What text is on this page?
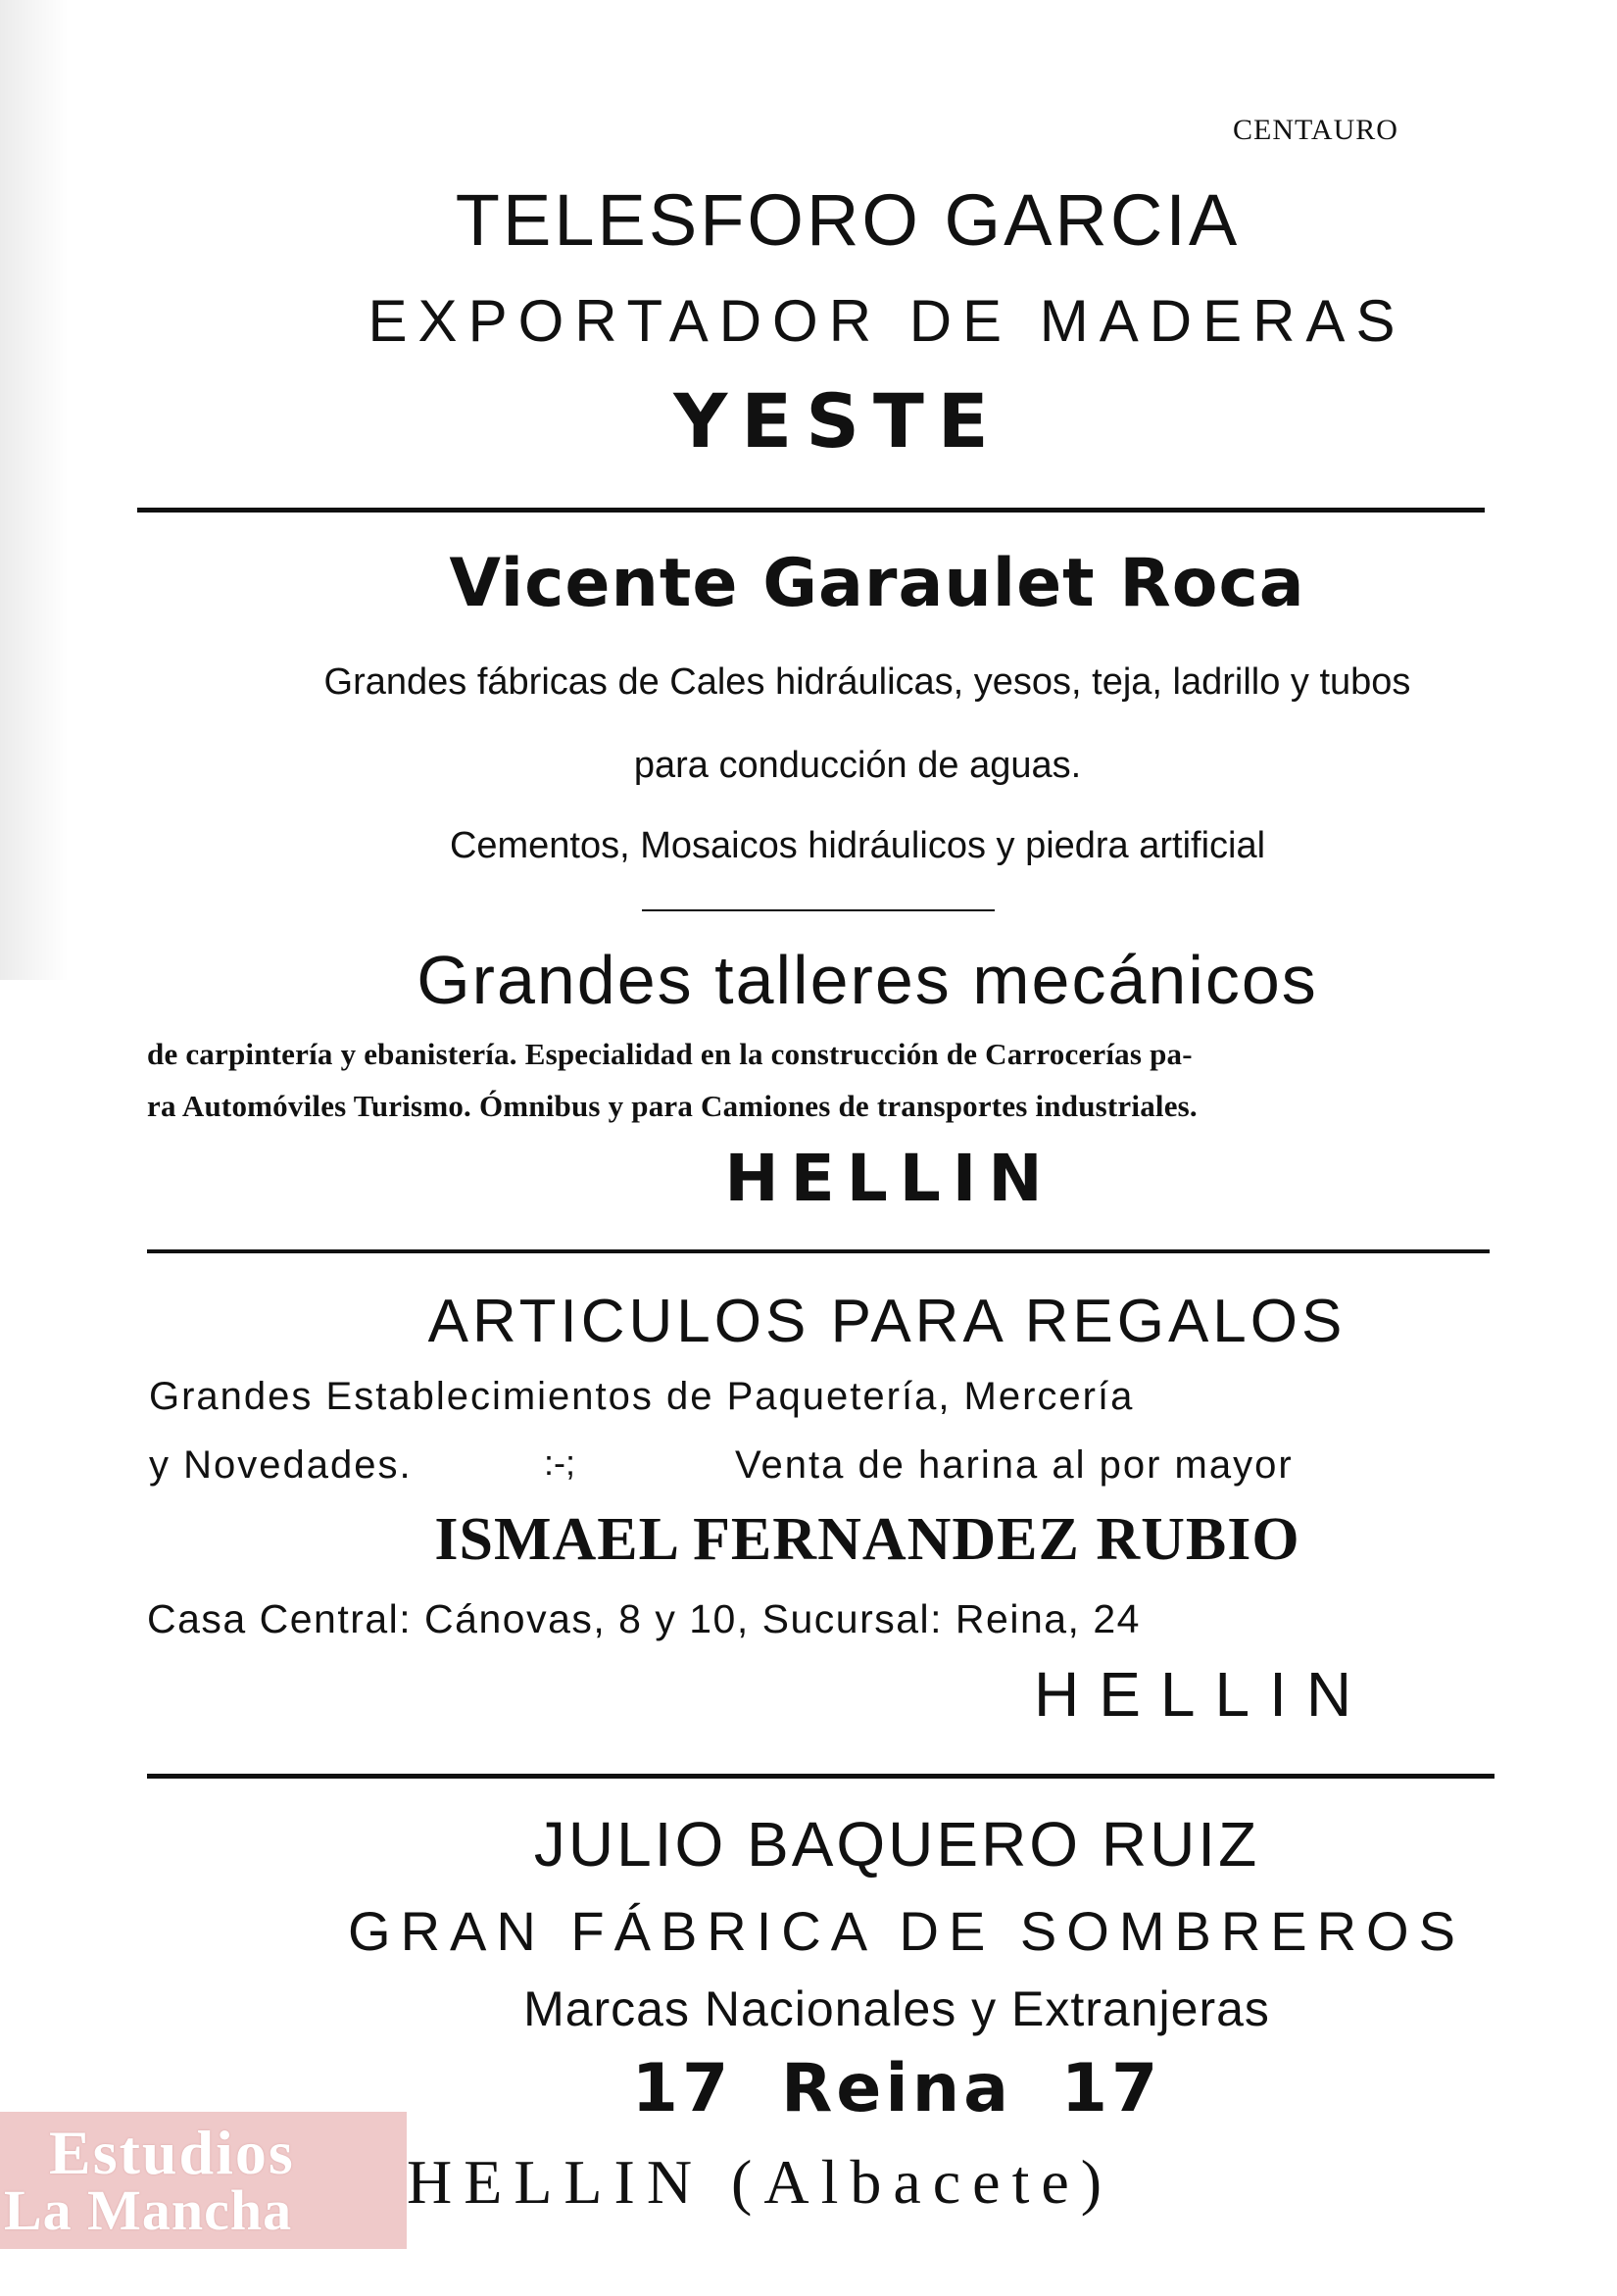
CENTAURO
TELESFORO GARCIA
EXPORTADOR DE MADERAS
YESTE
Vicente Garaulet Roca
Grandes fábricas de Cales hidráulicas, yesos, teja, ladrillo y tubos
para conducción de aguas.
Cementos, Mosaicos hidráulicos y piedra artificial
Grandes talleres mecánicos
de carpintería y ebanistería. Especialidad en la construcción de Carrocerías pa-
ra Automóviles Turismo. Ómnibus y para Camiones de transportes industriales.
HELLIN
ARTICULOS PARA REGALOS
Grandes Establecimientos de Paquetería, Mercería
y Novedades.	:-;	Venta de harina al por mayor
ISMAEL FERNANDEZ RUBIO
Casa Central: Cánovas, 8 y 10, Sucursal: Reina, 24
HELLIN
JULIO BAQUERO RUIZ
GRAN FÁBRICA DE SOMBREROS
Marcas Nacionales y Extranjeras
17 Reina 17
HELLIN (Albacete)
Estudios
La Mancha
